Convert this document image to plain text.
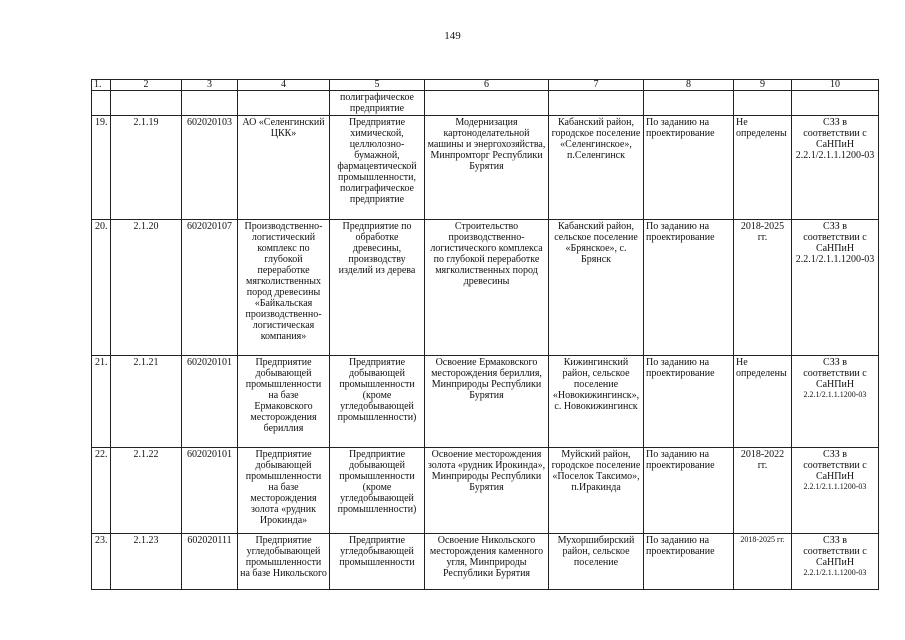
149
1.	2	3	4	5	6	7	8	9	10
				полиграфическое предприятие					
19.	2.1.19	602020103	АО «Селенгинский ЦКК»	Предприятие химической, целлюлозно-бумажной, фармацевтической промышленности, полиграфическое предприятие	Модернизация картоноделательной машины и энергохозяйства, Минпромторг Республики Бурятия	Кабанский район, городское поселение «Селенгинское», п.Селенгинск	По заданию на проектирование	Не определены	СЗЗ в соответствии с СаНПиН 2.2.1/2.1.1.1200-03
20.	2.1.20	602020107	Производственно-логистический комплекс по глубокой переработке мягколиственных пород древесины «Байкальская производственно-логистическая компания»	Предприятие по обработке древесины, производству изделий из дерева	Строительство производственно-логистического комплекса по глубокой переработке мягколиственных пород древесины	Кабанский район, сельское поселение «Брянское», с. Брянск	По заданию на проектирование	2018-2025 гг.	СЗЗ в соответствии с СаНПиН 2.2.1/2.1.1.1200-03
21.	2.1.21	602020101	Предприятие добывающей промышленности на базе Ермаковского месторождения бериллия	Предприятие добывающей промышленности (кроме угледобывающей промышленности)	Освоение Ермаковского месторождения бериллия, Минприроды Республики Бурятия	Кижингинский район, сельское поселение «Новокижингинск», с. Новокижингинск	По заданию на проектирование	Не определены	СЗЗ в соответствии с СаНПиН
2.2.1/2.1.1.1200-03

22.	2.1.22	602020101	Предприятие добывающей промышленности на базе месторождения золота «рудник Ирокинда»	Предприятие добывающей промышленности (кроме угледобывающей промышленности)	Освоение месторождения золота «рудник Ирокинда», Минприроды Республики Бурятия	Муйский район, городское поселение «Поселок Таксимо», п.Иракинда	По заданию на проектирование	2018-2022 гг.	СЗЗ в соответствии с СаНПиН
2.2.1/2.1.1.1200-03

23.	2.1.23	602020111	Предприятие угледобывающей промышленности на базе Никольского	Предприятие угледобывающей промышленности	Освоение Никольского месторождения каменного угля, Минприроды Республики Бурятия	Мухоршибирский район, сельское поселение	По заданию на проектирование	2018-2025 гг.	СЗЗ в соответствии с СаНПиН
2.2.1/2.1.1.1200-03
